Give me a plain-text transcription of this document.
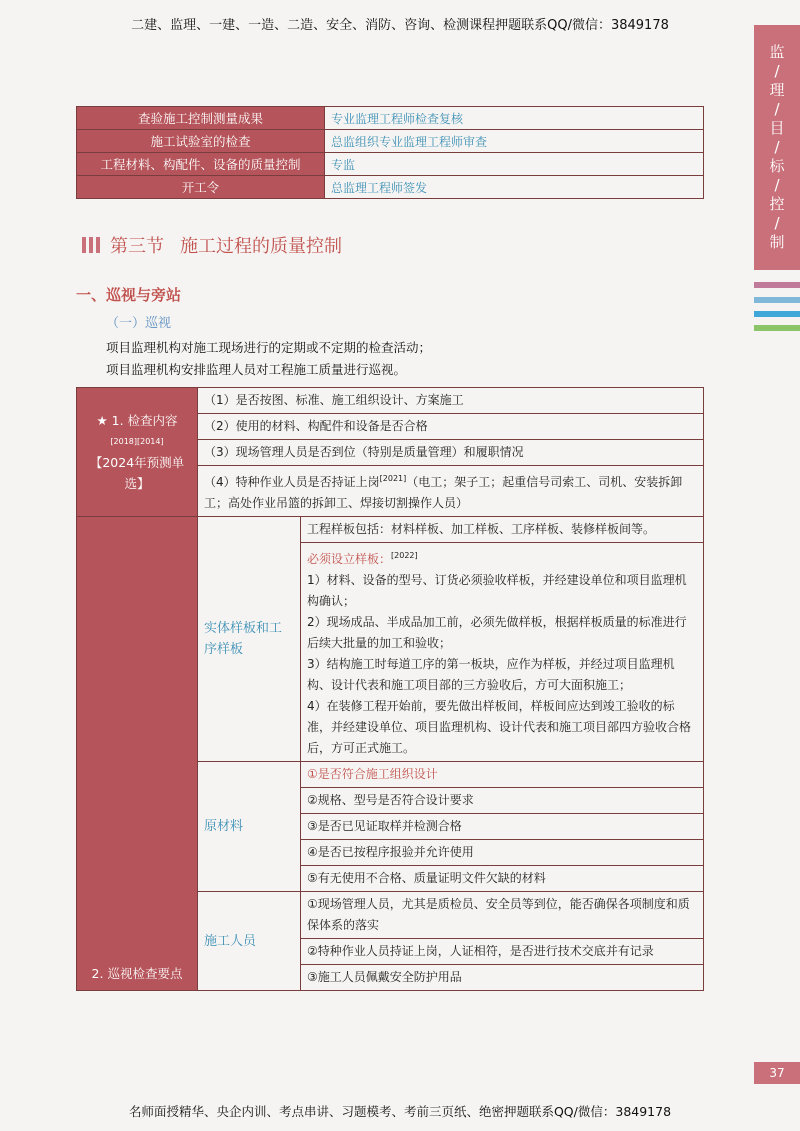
二建、监理、一建、一造、二造、安全、消防、咨询、检测课程押题联系QQ/微信：3849178
监
/
理
/
目
/
标
/
控
/
制
查验施工控制测量成果	专业监理工程师检查复核
施工试验室的检查	总监组织专业监理工程师审查
工程材料、构配件、设备的质量控制	专监
开工令	总监理工程师签发
第三节 施工过程的质量控制
一、巡视与旁站
（一）巡视
项目监理机构对施工现场进行的定期或不定期的检查活动；
项目监理机构安排监理人员对工程施工质量进行巡视。
★ 1. 检查内容
[2018][2014]
【2024年预测单选】	（1）是否按图、标准、施工组织设计、方案施工	
	（2）使用的材料、构配件和设备是否合格	
	（3）现场管理人员是否到位（特别是质量管理）和履职情况	
	（4）特种作业人员是否持证上岗[2021]（电工；架子工；起重信号司索工、司机、安装拆卸工；高处作业吊篮的拆卸工、焊接切割操作人员）	
2. 巡视检查要点	实体样板和工序样板	工程样板包括：材料样板、加工样板、工序样板、装修样板间等。

		必须设立样板：[2022]
1）材料、设备的型号、订货必须验收样板，并经建设单位和项目监理机构确认；
2）现场成品、半成品加工前，必须先做样板，根据样板质量的标准进行后续大批量的加工和验收；
3）结构施工时每道工序的第一板块，应作为样板，并经过项目监理机构、设计代表和施工项目部的三方验收后，方可大面积施工；
4）在装修工程开始前，要先做出样板间，样板间应达到竣工验收的标准，并经建设单位、项目监理机构、设计代表和施工项目部四方验收合格后，方可正式施工。

	原材料	①是否符合施工组织设计
		②规格、型号是否符合设计要求
		③是否已见证取样并检测合格
		④是否已按程序报验并允许使用
		⑤有无使用不合格、质量证明文件欠缺的材料
	施工人员	①现场管理人员，尤其是质检员、安全员等到位，能否确保各项制度和质保体系的落实
		②特种作业人员持证上岗，人证相符，是否进行技术交底并有记录
		③施工人员佩戴安全防护用品
37
名师面授精华、央企内训、考点串讲、习题模考、考前三页纸、绝密押题联系QQ/微信：3849178
